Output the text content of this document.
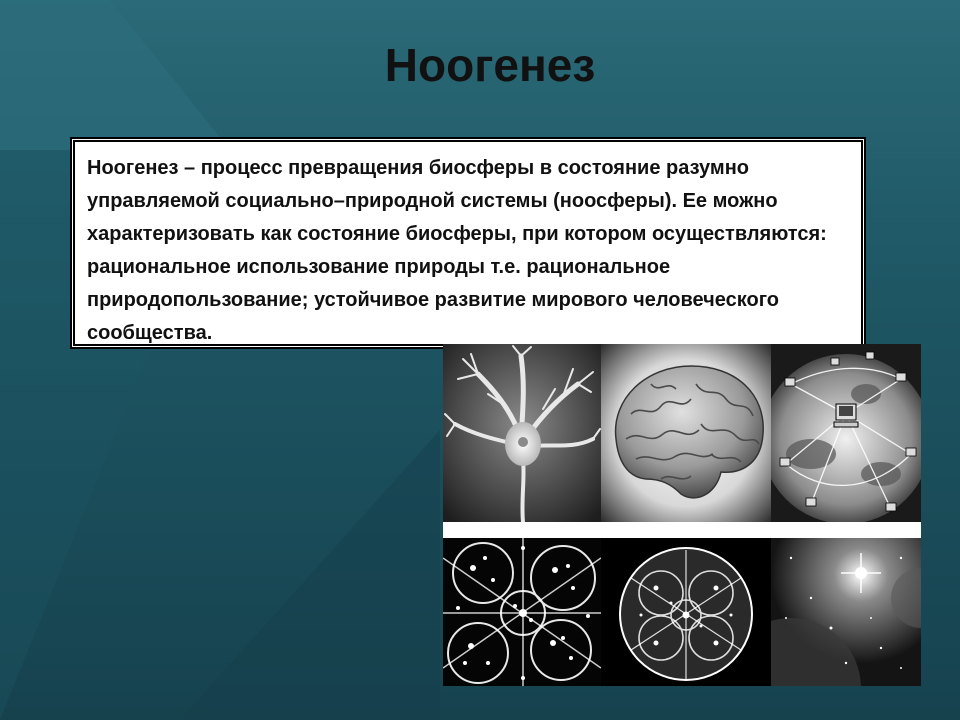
Ноогенез

Ноогенез – процесс превращения биосферы в состояние разумно управляемой социально–природной системы (ноосферы). Ее можно характеризовать как состояние биосферы, при котором осуществляются: рациональное использование природы т.е. рациональное природопользование; устойчивое развитие мирового человеческого сообщества.
